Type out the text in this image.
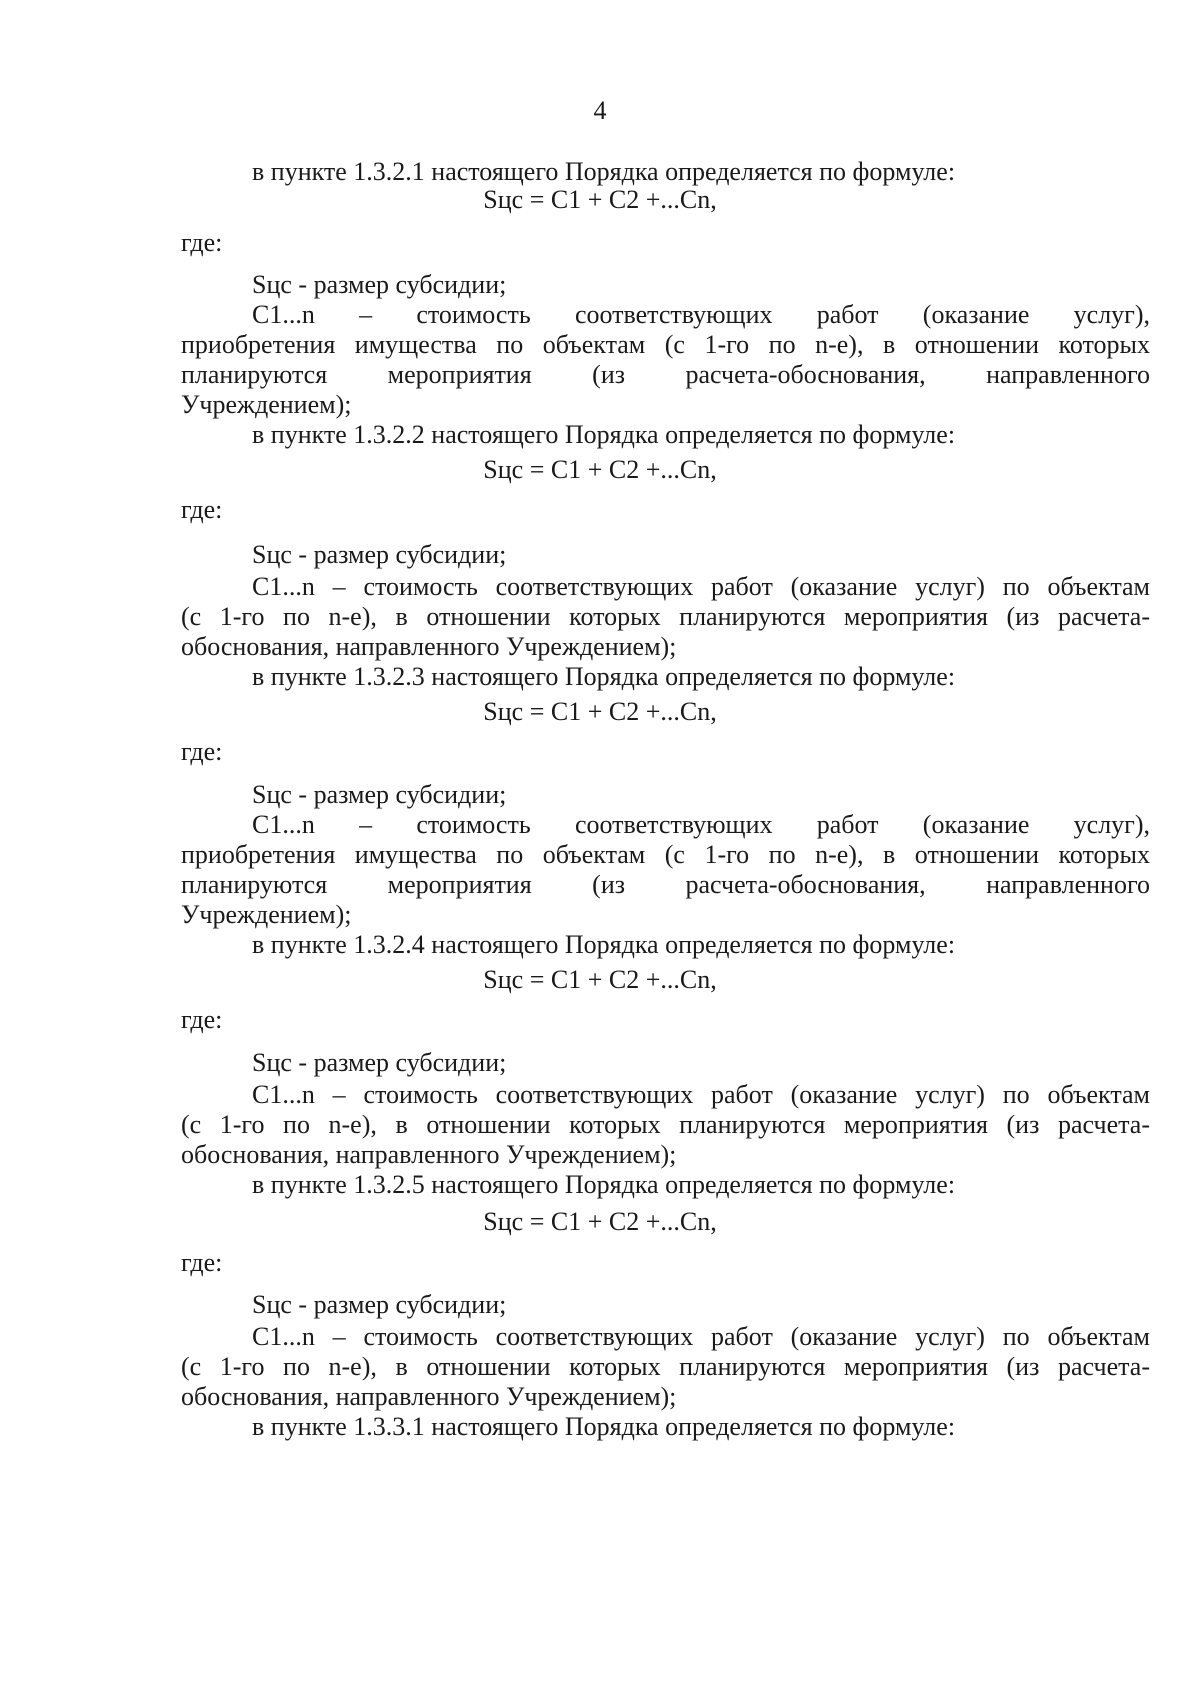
4
в пункте 1.3.2.1 настоящего Порядка определяется по формуле:
Sцс = C1 + C2 +...Cn,
где:
Sцс - размер субсидии;
С1...n – стоимость соответствующих работ (оказание услуг),
приобретения имущества по объектам (с 1-го по n-е), в отношении которых
планируются мероприятия (из расчета-обоснования, направленного
Учреждением);
в пункте 1.3.2.2 настоящего Порядка определяется по формуле:
Sцс = C1 + C2 +...Cn,
где:
Sцс - размер субсидии;
С1...n – стоимость соответствующих работ (оказание услуг) по объектам
(с 1-го по n-е), в отношении которых планируются мероприятия (из расчета-
обоснования, направленного Учреждением);
в пункте 1.3.2.3 настоящего Порядка определяется по формуле:
Sцс = C1 + C2 +...Cn,
где:
Sцс - размер субсидии;
С1...n – стоимость соответствующих работ (оказание услуг),
приобретения имущества по объектам (с 1-го по n-е), в отношении которых
планируются мероприятия (из расчета-обоснования, направленного
Учреждением);
в пункте 1.3.2.4 настоящего Порядка определяется по формуле:
Sцс = C1 + C2 +...Cn,
где:
Sцс - размер субсидии;
С1...n – стоимость соответствующих работ (оказание услуг) по объектам
(с 1-го по n-е), в отношении которых планируются мероприятия (из расчета-
обоснования, направленного Учреждением);
в пункте 1.3.2.5 настоящего Порядка определяется по формуле:
Sцс = C1 + C2 +...Cn,
где:
Sцс - размер субсидии;
С1...n – стоимость соответствующих работ (оказание услуг) по объектам
(с 1-го по n-е), в отношении которых планируются мероприятия (из расчета-
обоснования, направленного Учреждением);
в пункте 1.3.3.1 настоящего Порядка определяется по формуле:
